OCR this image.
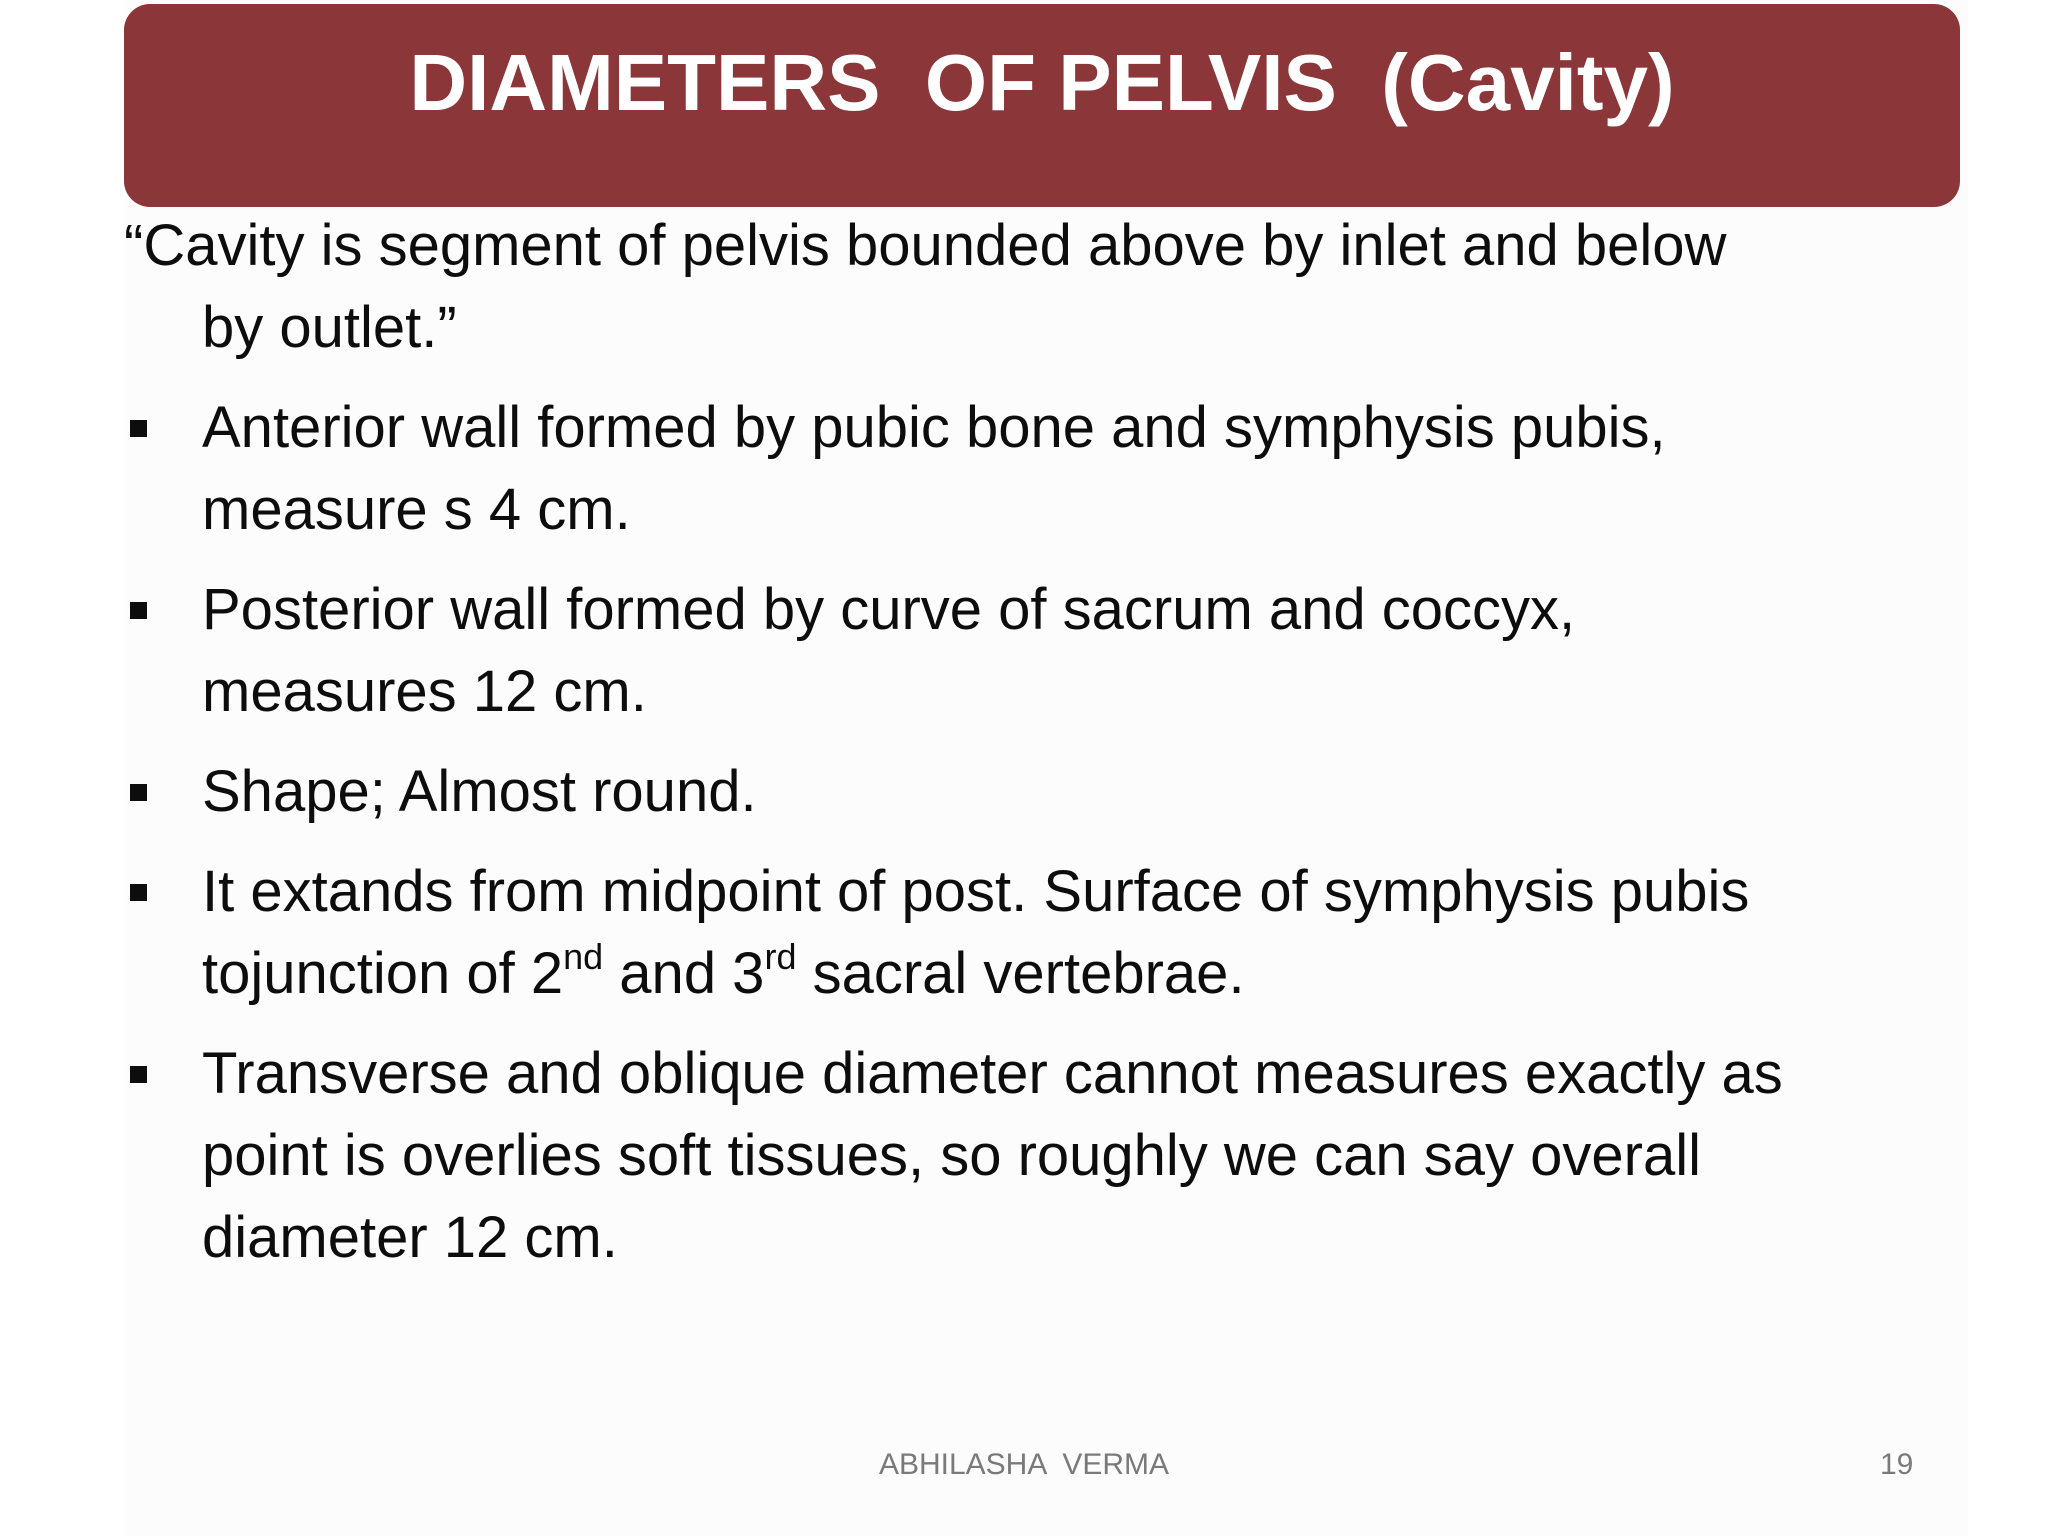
DIAMETERS  OF PELVIS  (Cavity)
“Cavity is segment of pelvis bounded above by inlet and below
by outlet.”
Anterior wall formed by pubic bone and symphysis pubis,
measure s 4 cm.
Posterior wall formed by curve of sacrum and coccyx,
measures 12 cm.
Shape; Almost round.
It extands from midpoint of post. Surface of symphysis pubis
tojunction of 2nd and 3rd sacral vertebrae.
Transverse and oblique diameter cannot measures exactly as
point is overlies soft tissues, so roughly we can say overall
diameter 12 cm.
ABHILASHA  VERMA	19
